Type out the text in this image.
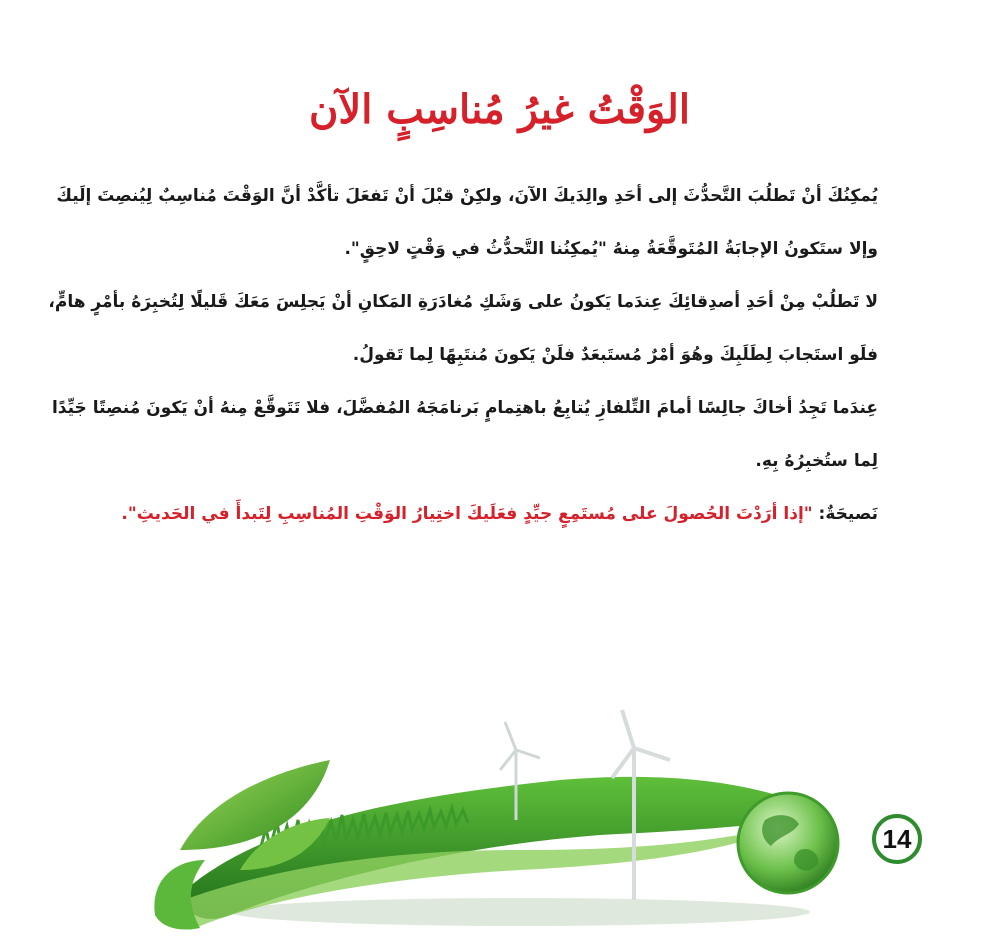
الوَقْتُ غيرُ مُناسِبٍ الآن
يُمكِنُكَ أنْ تَطلُبَ التَّحدُّثَ إلى أحَدِ والِدَيكَ الآنَ، ولكِنْ قبْلَ أنْ تَفعَلَ تأكَّدْ أنَّ الوَقْتَ مُناسِبٌ لِيُنصِتَ إلَيكَ
وإلا ستَكونُ الإجابَةُ المُتَوقَّعَةُ مِنهُ "يُمكِنُنا التَّحدُّثُ في وَقْتٍ لاحِقٍ".
لا تَطلُبْ مِنْ أحَدِ أصدِقائِكَ عِندَما يَكونُ على وَشَكِ مُغادَرَةِ المَكانِ أنْ يَجلِسَ مَعَكَ قَليلًا لِتُخبِرَهُ بأمْرٍ هامٍّ،
فلَو استَجابَ لِطَلَبِكَ وهُوَ أمْرٌ مُستَبعَدٌ فلَنْ يَكونَ مُنتَبِهًا لِما تَقولُ.
عِندَما تَجِدُ أخاكَ جالِسًا أمامَ التِّلفازِ يُتابِعُ باهتِمامٍ بَرنامَجَهُ المُفضَّلَ، فلا تَتَوقَّعْ مِنهُ أنْ يَكونَ مُنصِتًا جَيِّدًا
لِما ستُخبِرُهُ بِهِ.
نَصيحَةٌ: "إذا أرَدْتَ الحُصولَ على مُستَمِعٍ جيِّدٍ فعَلَيكَ اختِيارُ الوَقْتِ المُناسِبِ لِتَبدأَ في الحَديثِ".
14
